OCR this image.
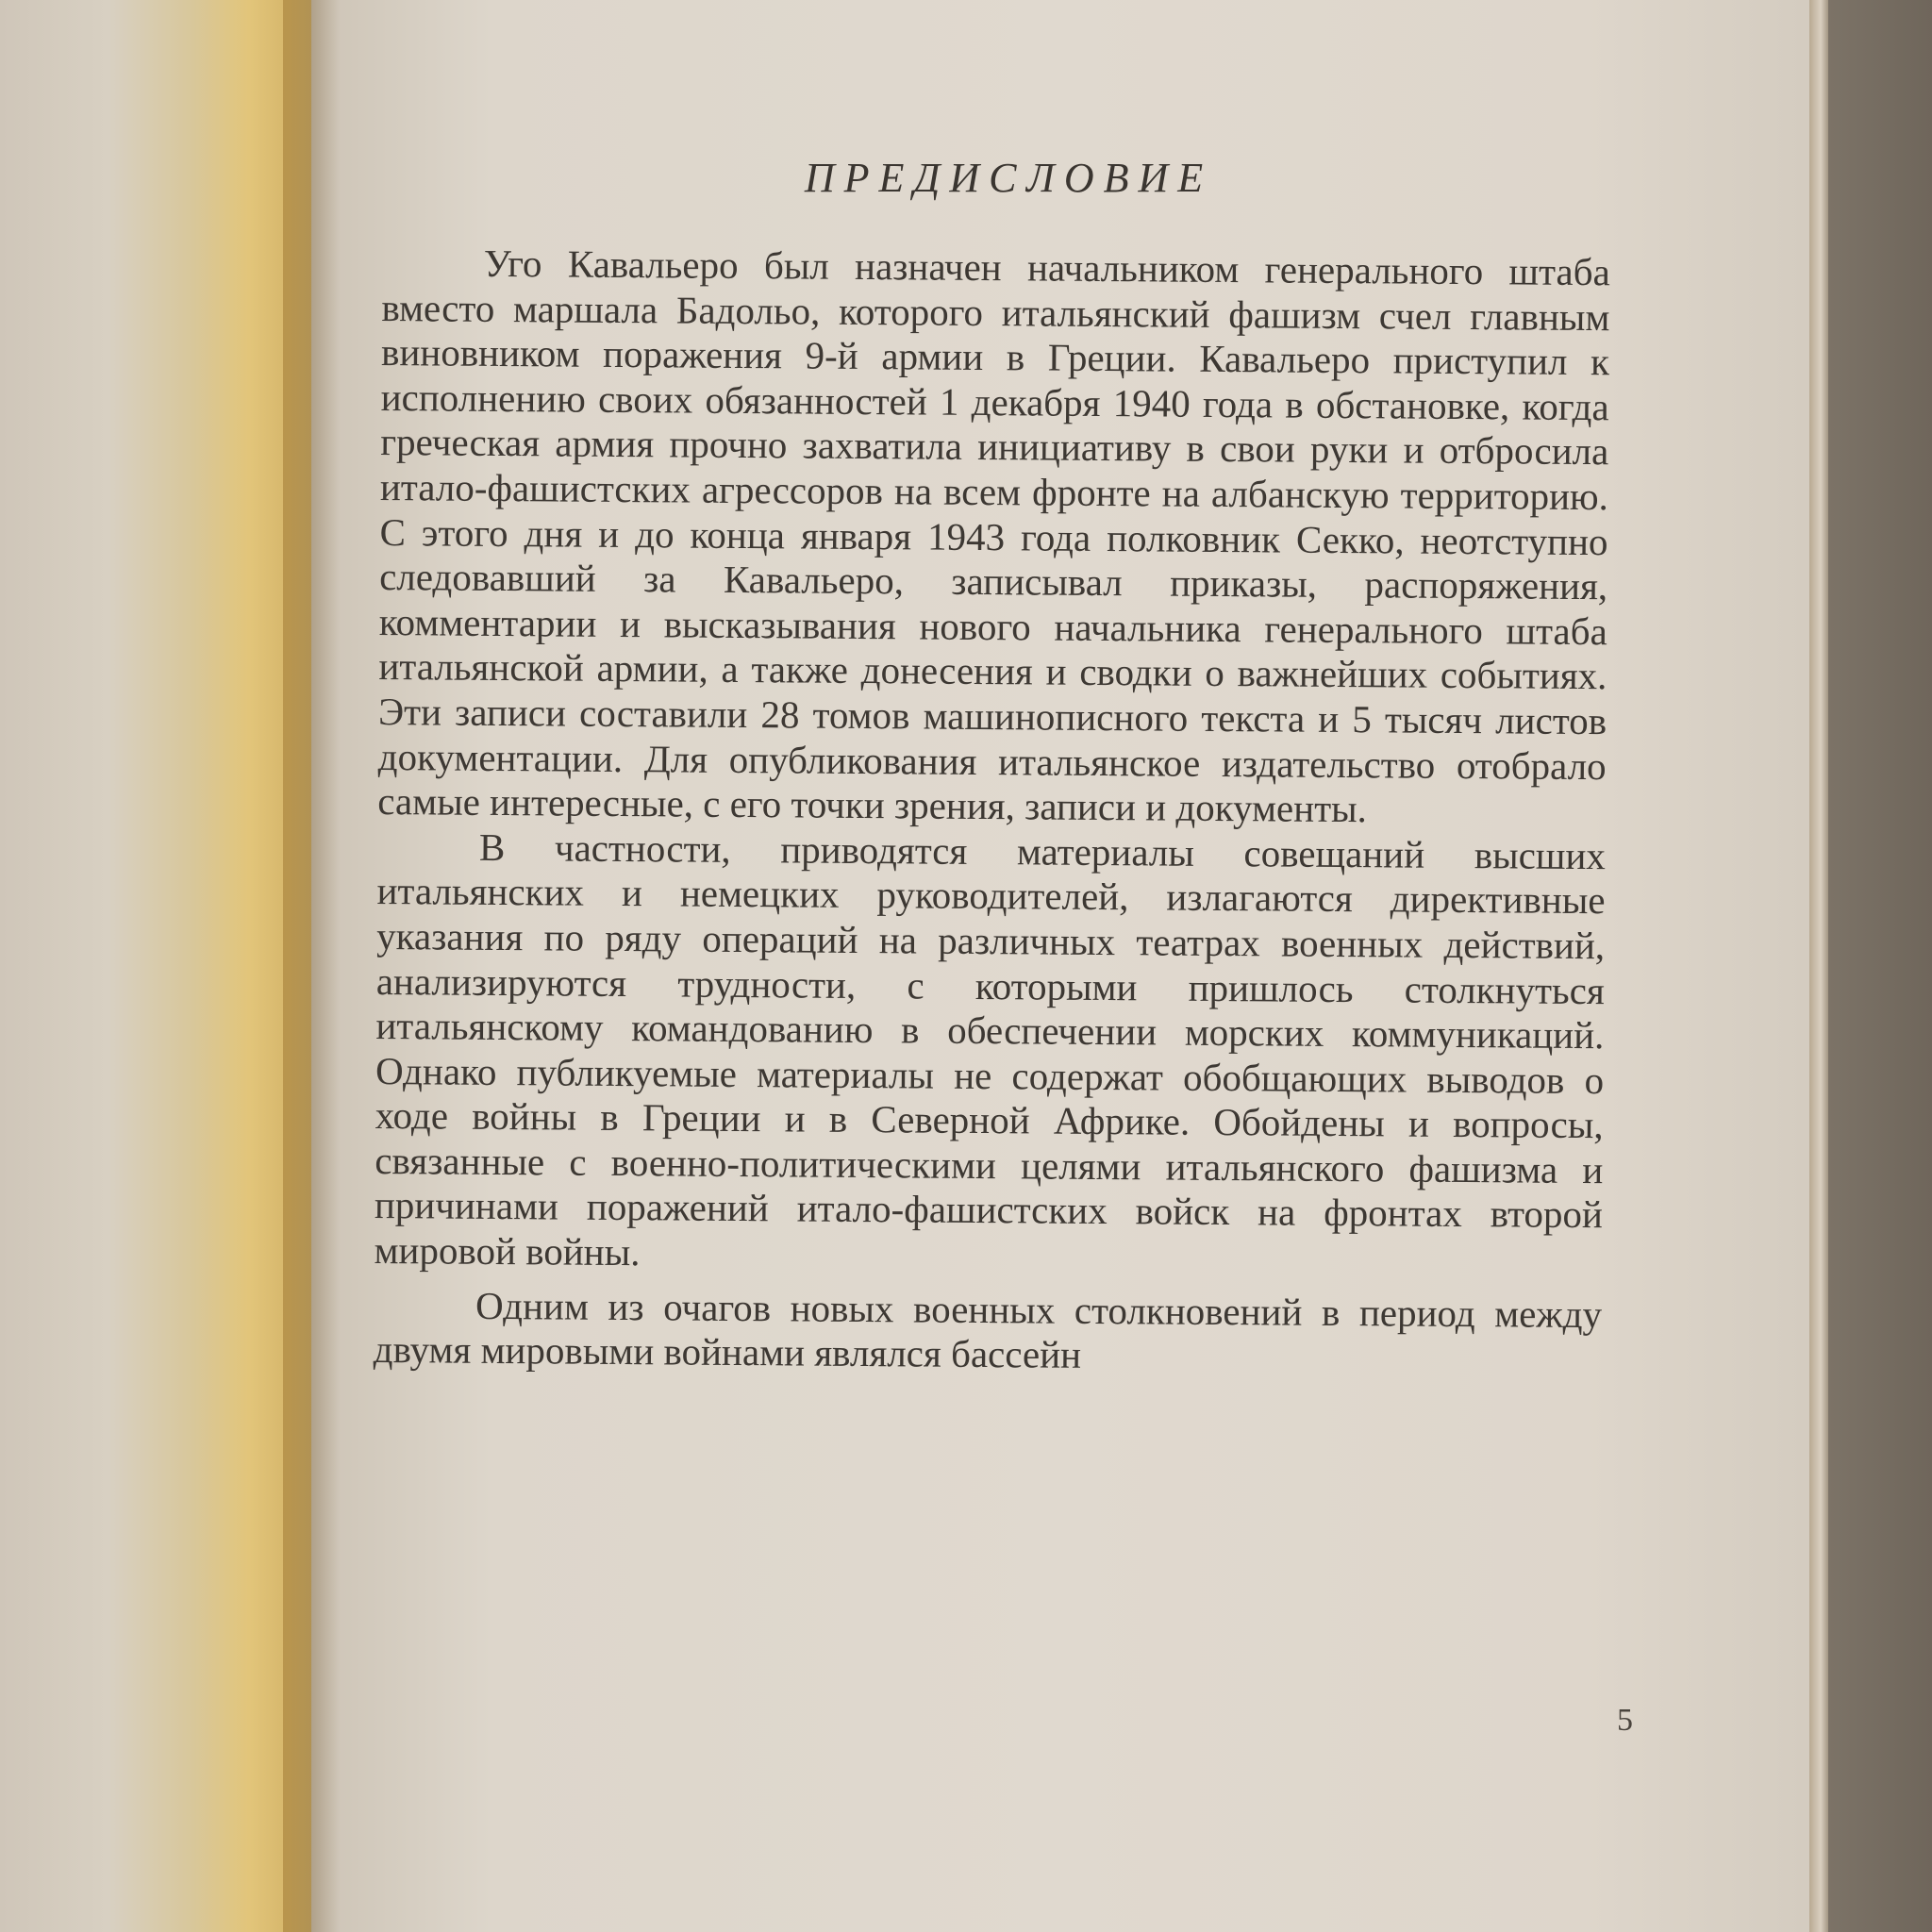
ПРЕДИСЛОВИЕ

Уго Кавальеро был назначен начальником генерального штаба вместо маршала Бадольо, которого итальянский фашизм счел главным виновником поражения 9-й армии в Греции. Кавальеро приступил к исполнению своих обязанностей 1 декабря 1940 года в обстановке, когда греческая армия прочно захватила инициативу в свои руки и отбросила итало-фашистских агрессоров на всем фронте на албанскую территорию. С этого дня и до конца января 1943 года полковник Секко, неотступно следовавший за Кавальеро, записывал приказы, распоряжения, комментарии и высказывания нового начальника генерального штаба итальянской армии, а также донесения и сводки о важнейших событиях. Эти записи составили 28 томов машинописного текста и 5 тысяч листов документации. Для опубликования итальянское издательство отобрало самые интересные, с его точки зрения, записи и документы.

В частности, приводятся материалы совещаний высших итальянских и немецких руководителей, излагаются директивные указания по ряду операций на различных театрах военных действий, анализируются трудности, с которыми пришлось столкнуться итальянскому командованию в обеспечении морских коммуникаций. Однако публикуемые материалы не содержат обобщающих выводов о ходе войны в Греции и в Северной Африке. Обойдены и вопросы, связанные с военно-политическими целями итальянского фашизма и причинами поражений итало-фашистских войск на фронтах второй мировой войны.

Одним из очагов новых военных столкновений в период между двумя мировыми войнами являлся бассейн

5
